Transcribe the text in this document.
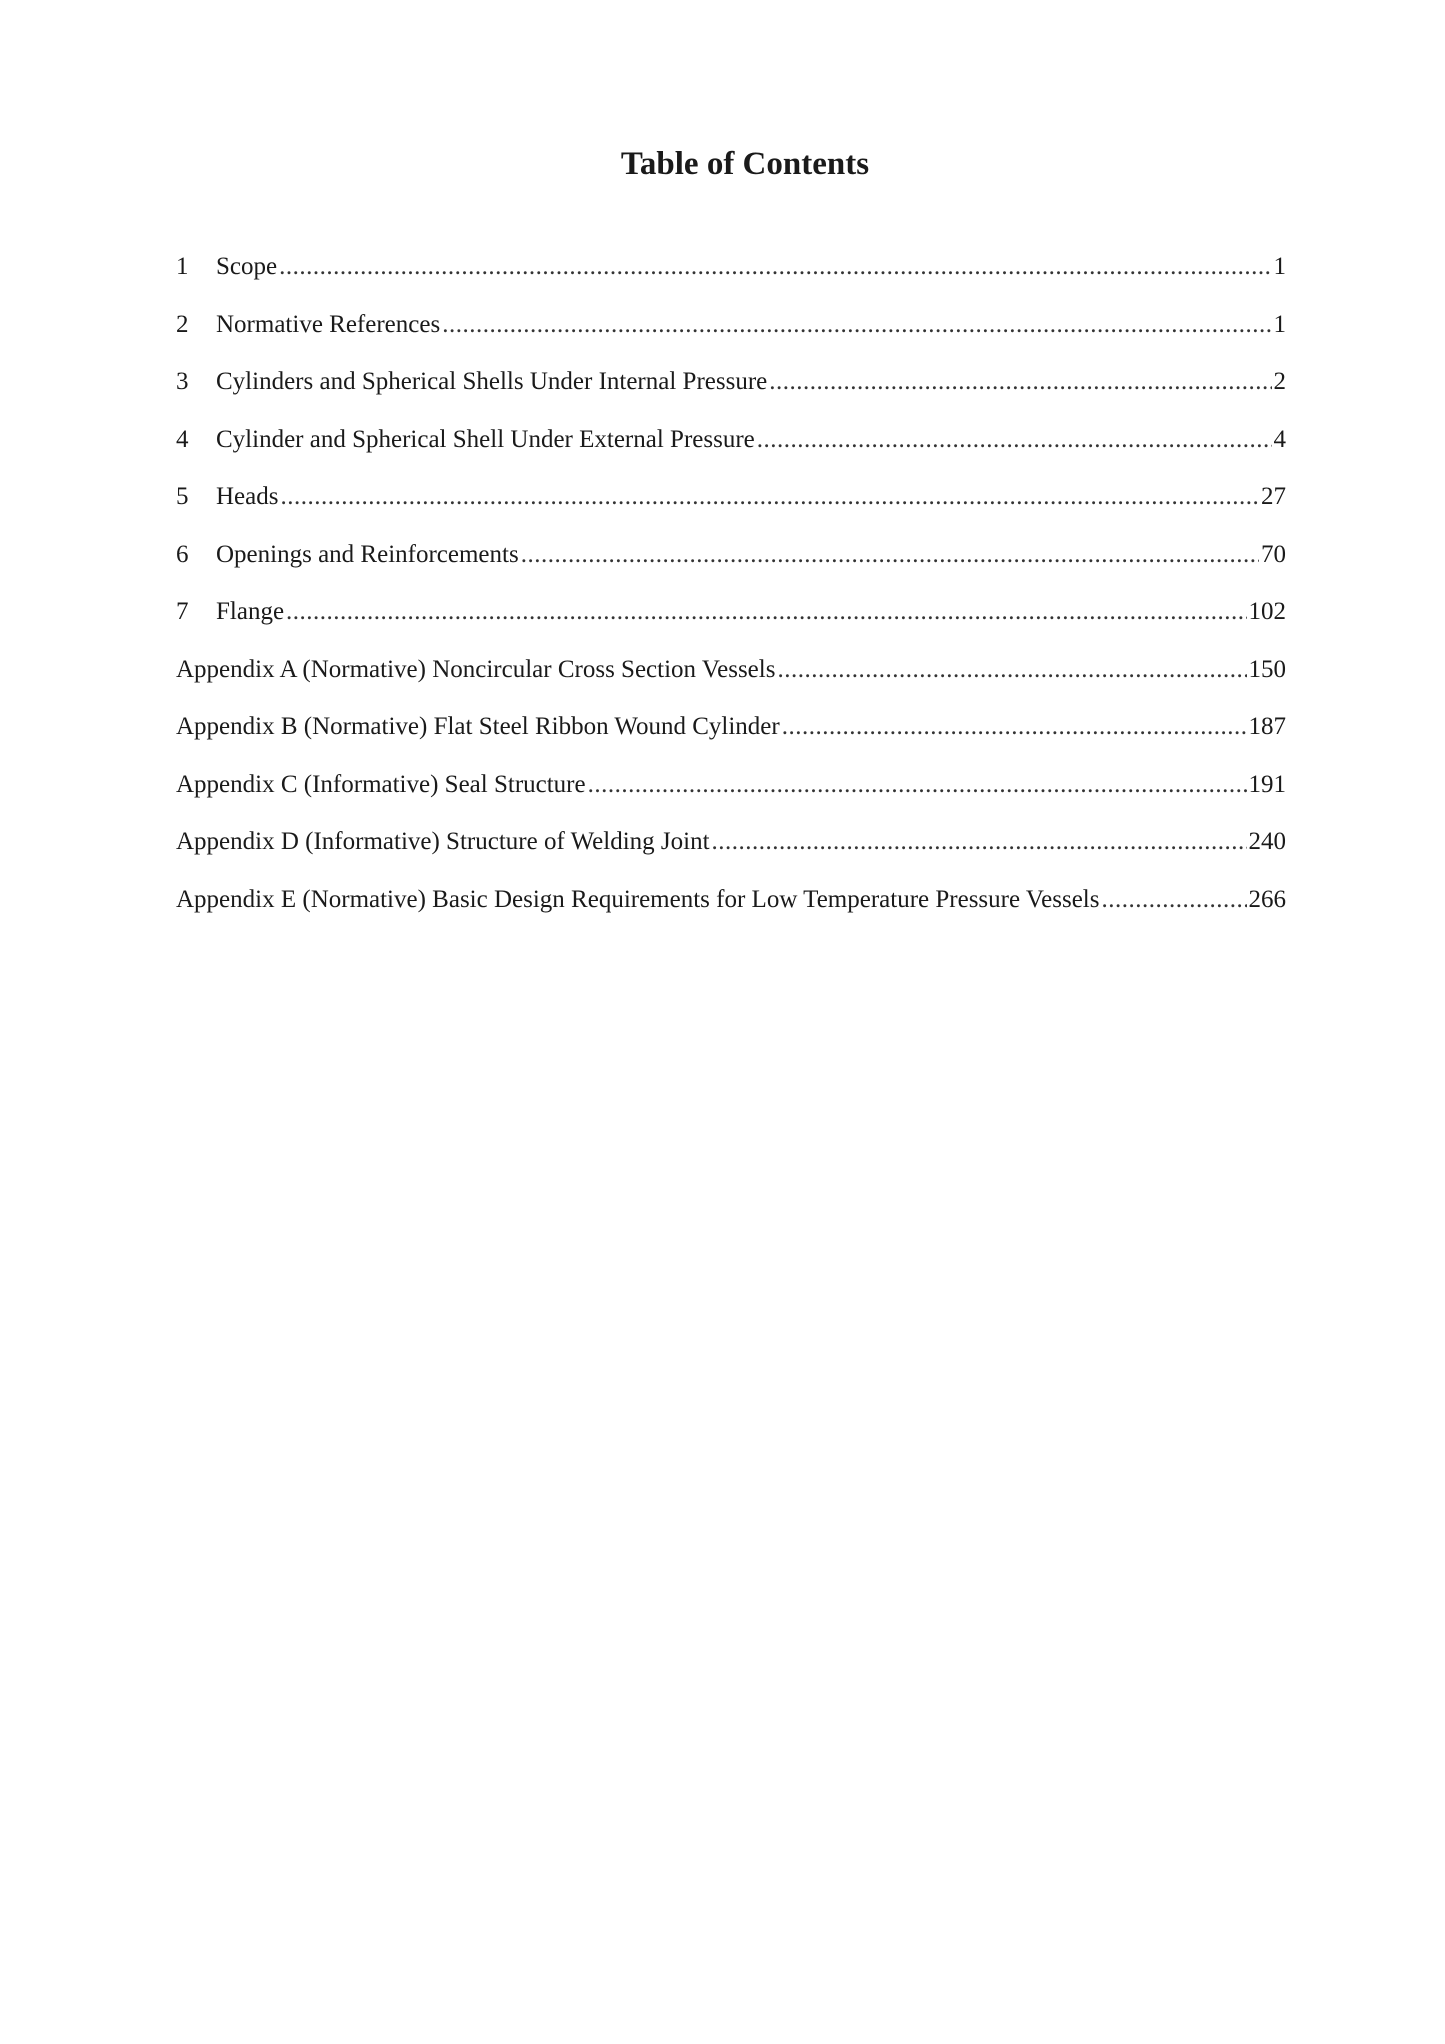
Table of Contents
1	Scope .....	1
2	Normative References .....	1
3	Cylinders and Spherical Shells Under Internal Pressure .....	2
4	Cylinder and Spherical Shell Under External Pressure .....	4
5	Heads .....	27
6	Openings and Reinforcements .....	70
7	Flange .....	102
Appendix A (Normative) Noncircular Cross Section Vessels .....	150
Appendix B (Normative) Flat Steel Ribbon Wound Cylinder .....	187
Appendix C (Informative) Seal Structure .....	191
Appendix D (Informative) Structure of Welding Joint .....	240
Appendix E (Normative) Basic Design Requirements for Low Temperature Pressure Vessels .....	266
